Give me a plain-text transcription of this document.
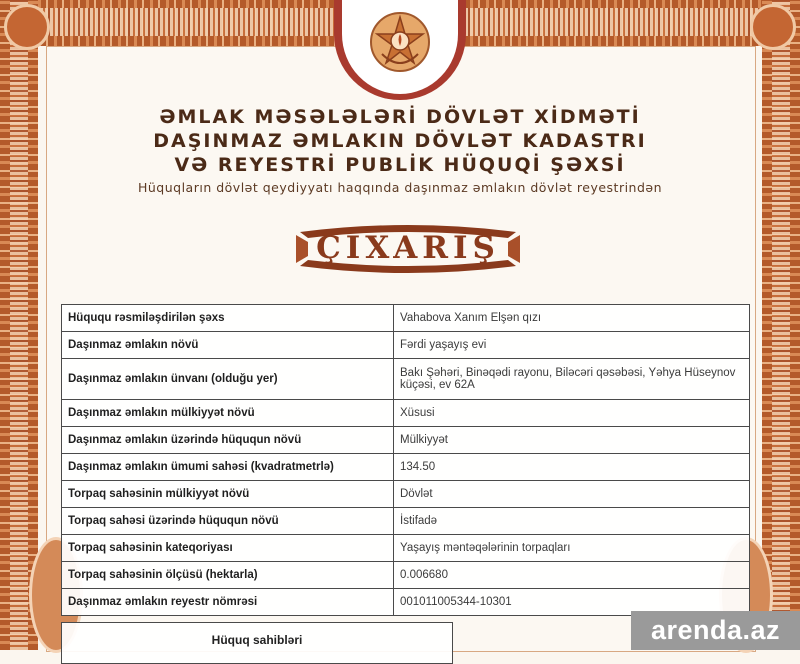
ƏMLAK MƏSƏLƏLƏRİ DÖVLƏT XİDMƏTİ
DAŞINMAZ ƏMLAKIN DÖVLƏT KADASTRI
VƏ REYESTRİ PUBLİK HÜQUQİ ŞƏXSİ
Hüquqların dövlət qeydiyyatı haqqında daşınmaz əmlakın dövlət reyestrindən
ÇIXARIŞ
Hüququ rəsmiləşdirilən şəxs	Vahabova Xanım Elşən qızı
Daşınmaz əmlakın növü	Fərdi yaşayış evi
Daşınmaz əmlakın ünvanı (olduğu yer)	Bakı Şəhəri, Binəqədi rayonu, Biləcəri qəsəbəsi, Yəhya Hüseynov küçəsi, ev 62A
Daşınmaz əmlakın mülkiyyət növü	Xüsusi
Daşınmaz əmlakın üzərində hüququn növü	Mülkiyyət
Daşınmaz əmlakın ümumi sahəsi (kvadratmetrlə)	134.50
Torpaq sahəsinin mülkiyyət növü	Dövlət
Torpaq sahəsi üzərində hüququn növü	İstifadə
Torpaq sahəsinin kateqoriyası	Yaşayış məntəqələrinin torpaqları
Torpaq sahəsinin ölçüsü (hektarla)	0.006680
Daşınmaz əmlakın reyestr nömrəsi	001011005344-10301
Hüquq sahibləri	arenda.az
